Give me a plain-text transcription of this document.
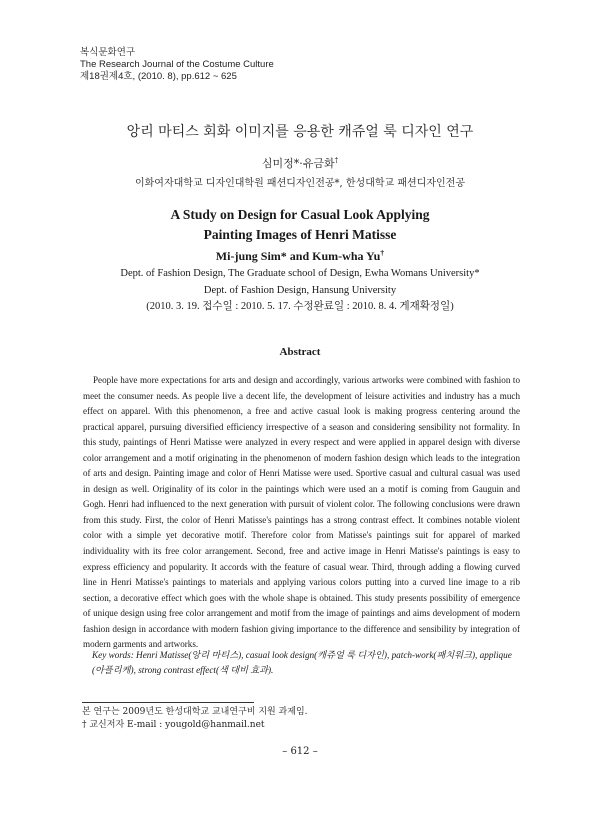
복식문화연구
The Research Journal of the Costume Culture
제18권제4호, (2010. 8), pp.612 ~ 625
앙리 마티스 회화 이미지를 응용한 캐쥬얼 룩 디자인 연구
심미정*·유금화†
이화여자대학교 디자인대학원 패션디자인전공*, 한성대학교 패션디자인전공
A Study on Design for Casual Look Applying
Painting Images of Henri Matisse
Mi-jung Sim* and Kum-wha Yu†
Dept. of Fashion Design, The Graduate school of Design, Ewha Womans University*
Dept. of Fashion Design, Hansung University
(2010. 3. 19. 접수일 : 2010. 5. 17. 수정완료일 : 2010. 8. 4. 게재확정일)
Abstract

People have more expectations for arts and design and accordingly, various artworks were combined with fashion to meet the consumer needs. As people live a decent life, the development of leisure activities and industry has a much effect on apparel. With this phenomenon, a free and active casual look is making progress centering around the practical apparel, pursuing diversified efficiency irrespective of a season and considering sensibility not formality. In this study, paintings of Henri Matisse were analyzed in every respect and were applied in apparel design with diverse color arrangement and a motif originating in the phenomenon of modern fashion design which leads to the integration of arts and design. Painting image and color of Henri Matisse were used. Sportive casual and cultural casual was used in design as well. Originality of its color in the paintings which were used an a motif is coming from Gauguin and Gogh. Henri had influenced to the next generation with pursuit of violent color. The following conclusions were drawn from this study. First, the color of Henri Matisse's paintings has a strong contrast effect. It combines notable violent color with a simple yet decorative motif. Therefore color from Matisse's paintings suit for apparel of marked individuality with its free color arrangement. Second, free and active image in Henri Matisse's paintings is easy to express efficiency and popularity. It accords with the feature of casual wear. Third, through adding a flowing curved line in Henri Matisse's paintings to materials and applying various colors putting into a curved line image to a rib section, a decorative effect which goes with the whole shape is obtained. This study presents possibility of emergence of unique design using free color arrangement and motif from the image of paintings and aims development of modern fashion design in accordance with modern fashion giving importance to the difference and sensibility by integration of modern garments and artworks.

Key words: Henri Matisse(앙리 마티스), casual look design(캐쥬얼 룩 디자인), patch-work(패치워크), applique (아플리케), strong contrast effect(색 대비 효과).
본 연구는 2009년도 한성대학교 교내연구비 지원 과제임.
† 교신저자 E-mail : yougold@hanmail.net
– 612 –
